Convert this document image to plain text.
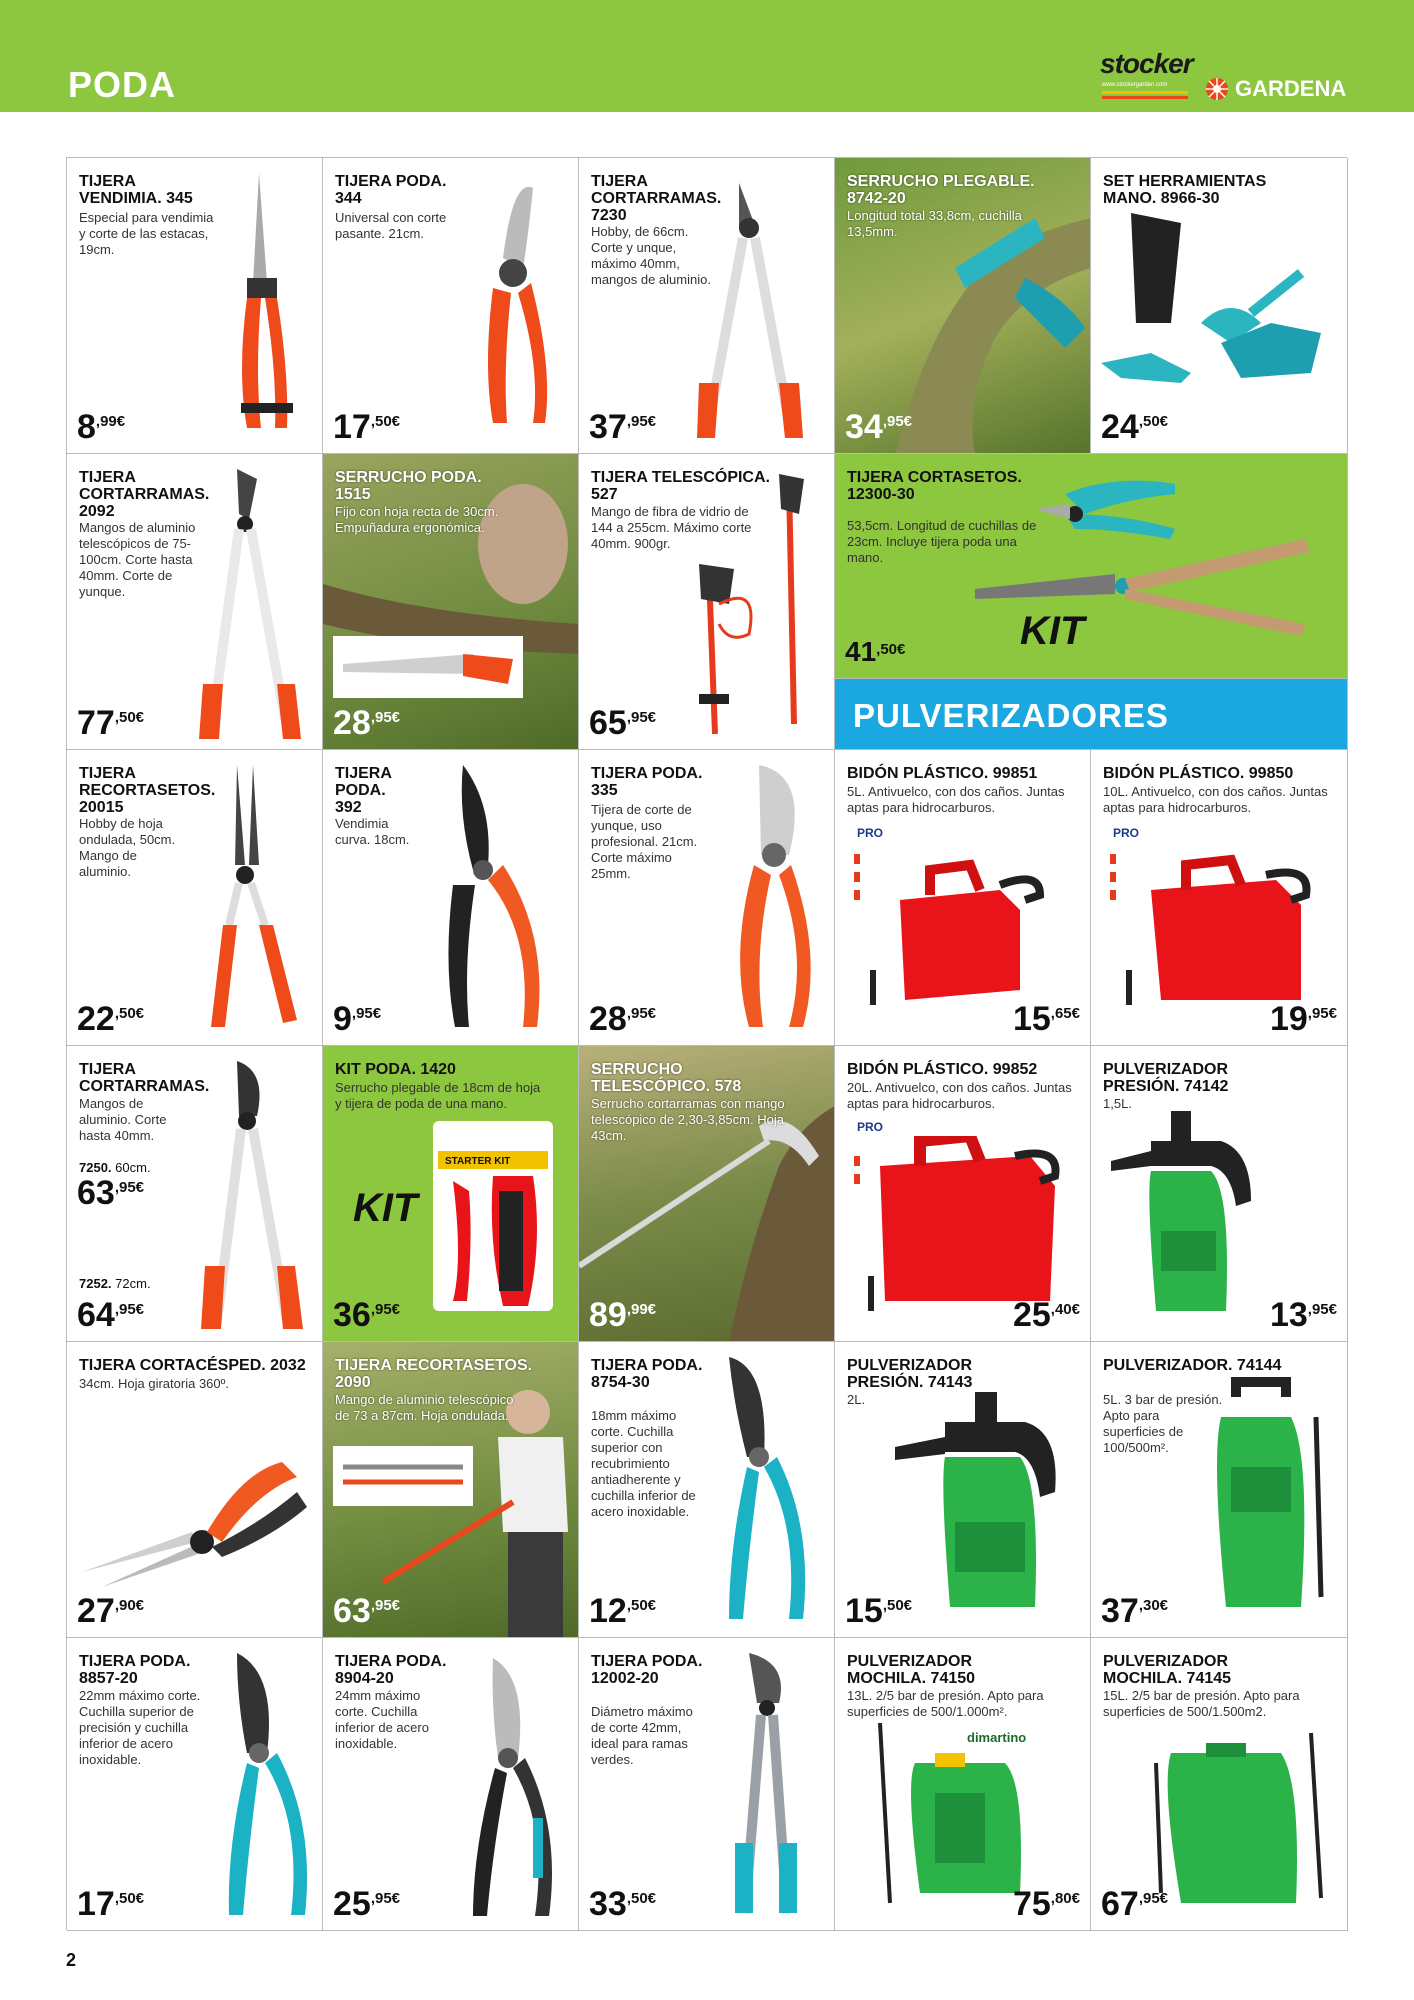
PODA
stocker
www.stockergarden.com	GARDENA
TIJERA VENDIMIA. 345
Especial para vendimia y corte de las estacas, 19cm.
8 ,99€
TIJERA PODA. 344
Universal con corte pasante. 21cm.
17 ,50€
TIJERA CORTARRAMAS. 7230
Hobby, de 66cm. Corte y unque, máximo 40mm, mangos de aluminio.
37 ,95€
SERRUCHO PLEGABLE. 8742-20
Longitud total 33,8cm, cuchilla 13,5mm.
34 ,95€
SET HERRAMIENTAS MANO. 8966-30
24 ,50€
TIJERA CORTARRAMAS. 2092
Mangos de aluminio telescópicos de 75-100cm. Corte hasta 40mm. Corte de yunque.
77 ,50€
SERRUCHO PODA. 1515
Fijo con hoja recta de 30cm. Empuñadura ergonómica.
28 ,95€
TIJERA TELESCÓPICA. 527
Mango de fibra de vidrio de 144 a 255cm. Máximo corte 40mm. 900gr.
65 ,95€
TIJERA CORTASETOS. 12300-30
53,5cm. Longitud de cuchillas de 23cm. Incluye tijera poda una mano.
KIT
41 ,50€
PULVERIZADORES
TIJERA RECORTASETOS. 20015
Hobby de hoja ondulada, 50cm. Mango de aluminio.
22 ,50€
TIJERA PODA. 392
Vendimia curva. 18cm.
9 ,95€
TIJERA PODA. 335
Tijera de corte de yunque, uso profesional. 21cm. Corte máximo 25mm.
28 ,95€
BIDÓN PLÁSTICO. 99851
5L. Antivuelco, con dos caños. Juntas aptas para hidrocarburos.
PRO
15 ,65€
BIDÓN PLÁSTICO. 99850
10L. Antivuelco, con dos caños. Juntas aptas para hidrocarburos.
PRO
19 ,95€
TIJERA CORTARRAMAS.
Mangos de aluminio. Corte hasta 40mm.
7250. 60cm.
63 ,95€
7252. 72cm.
64 ,95€
KIT PODA. 1420
Serrucho plegable de 18cm de hoja y tijera de poda de una mano.
STARTER KIT
KIT
36 ,95€
SERRUCHO TELESCÓPICO. 578
Serrucho cortarramas con mango telescópico de 2,30-3,85cm. Hoja 43cm.
89 ,99€
BIDÓN PLÁSTICO. 99852
20L. Antivuelco, con dos caños. Juntas aptas para hidrocarburos.
PRO
25 ,40€
PULVERIZADOR PRESIÓN. 74142
1,5L.
13 ,95€
TIJERA CORTACÉSPED. 2032
34cm. Hoja giratoria 360º.
27 ,90€
TIJERA RECORTASETOS. 2090
Mango de aluminio telescópico de 73 a 87cm. Hoja ondulada.
63 ,95€
TIJERA PODA. 8754-30
18mm máximo corte. Cuchilla superior con recubrimiento antiadherente y cuchilla inferior de acero inoxidable.
12 ,50€
PULVERIZADOR PRESIÓN. 74143
2L.
15 ,50€
PULVERIZADOR. 74144
5L. 3 bar de presión. Apto para superficies de 100/500m².
37 ,30€
TIJERA PODA. 8857-20
22mm máximo corte. Cuchilla superior de precisión y cuchilla inferior de acero inoxidable.
17 ,50€
TIJERA PODA. 8904-20
24mm máximo corte. Cuchilla inferior de acero inoxidable.
25 ,95€
TIJERA PODA. 12002-20
Diámetro máximo de corte 42mm, ideal para ramas verdes.
33 ,50€
PULVERIZADOR MOCHILA. 74150
13L. 2/5 bar de presión. Apto para superficies de 500/1.000m².
dimartino
75 ,80€
PULVERIZADOR MOCHILA. 74145
15L. 2/5 bar de presión. Apto para superficies de 500/1.500m2.
67 ,95€
2
